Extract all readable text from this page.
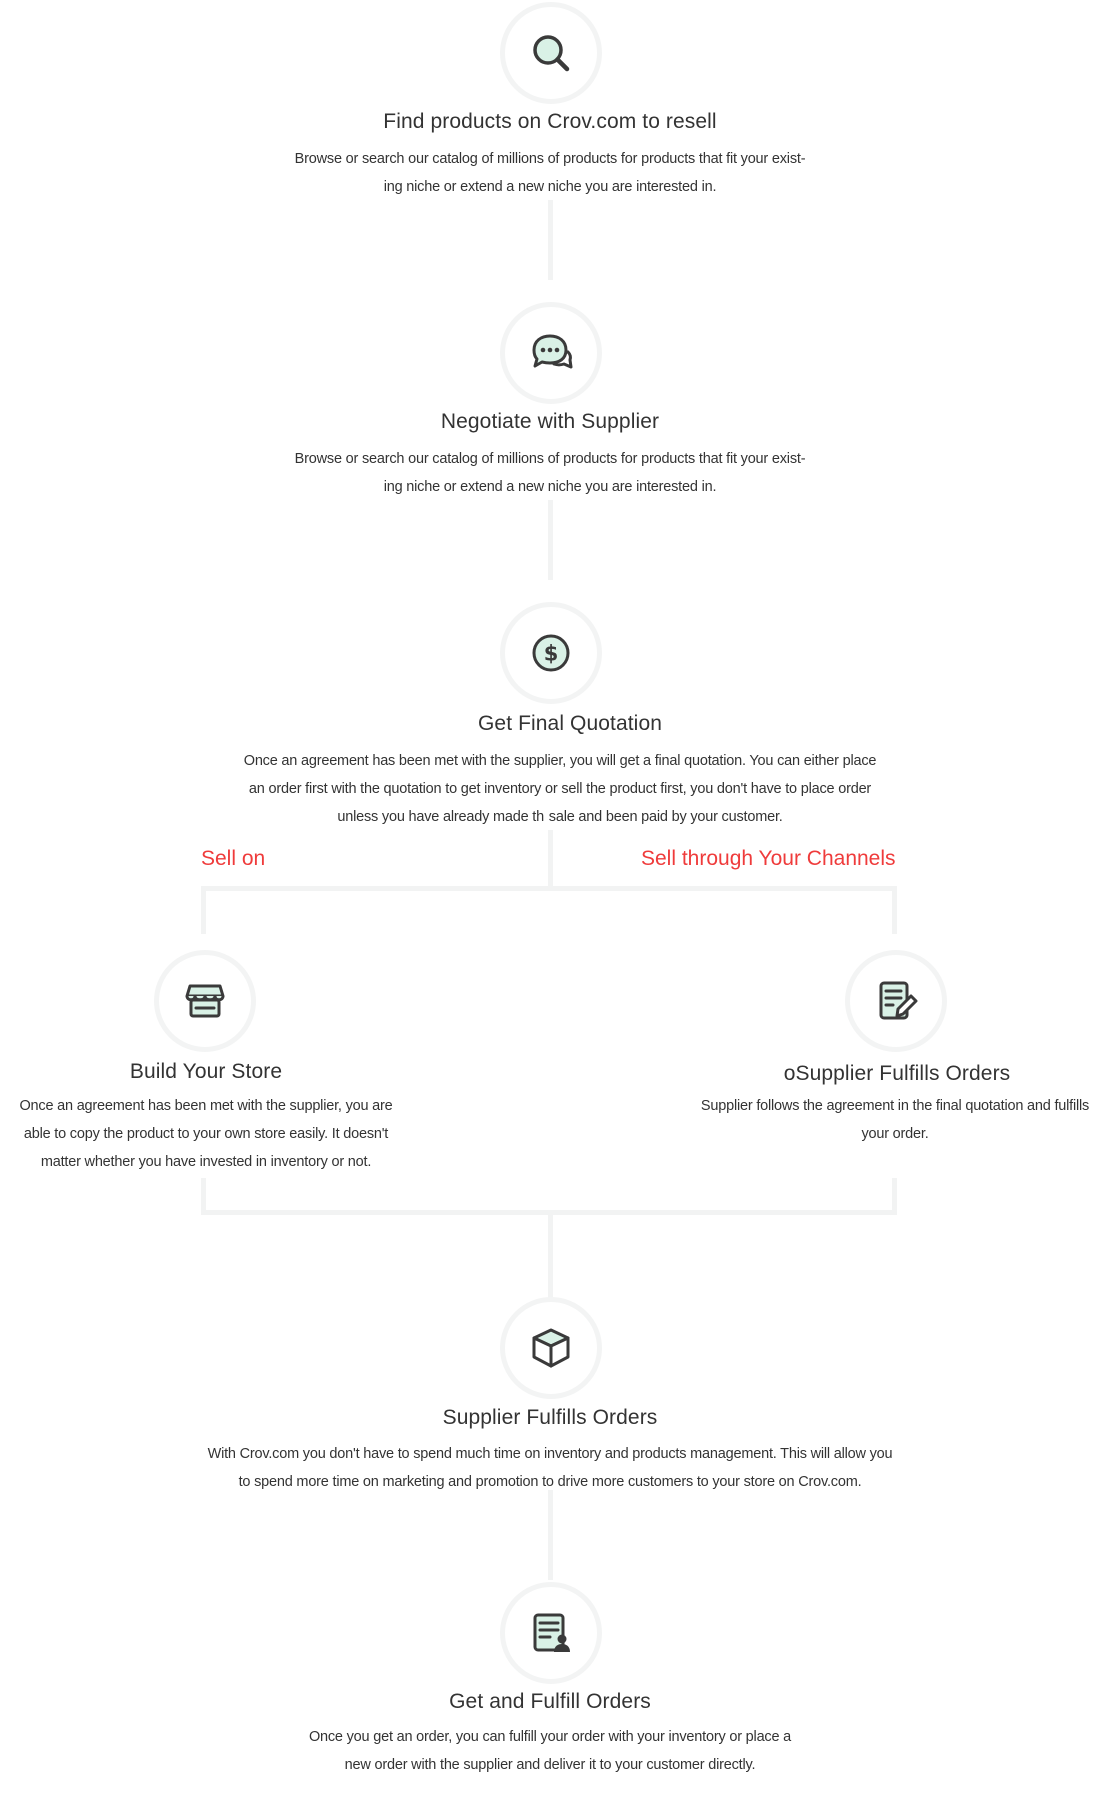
Find products on Crov.com to resell
Browse or search our catalog of millions of products for products that fit your exist-
ing niche or extend a new niche you are interested in.
Negotiate with Supplier
Browse or search our catalog of millions of products for products that fit your exist-
ing niche or extend a new niche you are interested in.
$
Get Final Quotation
Once an agreement has been met with the supplier, you will get a final quotation. You can either place
an order first with the quotation to get inventory or sell the product first, you don't have to place order
unless you have already made th  sale and been paid by your customer.
Sell on	Sell through Your Channels
Build Your Store
Once an agreement has been met with the supplier, you are
able to copy the product to your own store easily. It doesn't
matter whether you have invested in inventory or not.
oSupplier Fulfills Orders
Supplier follows the agreement in the final quotation and fulfills
your order.
Supplier Fulfills Orders
With Crov.com you don't have to spend much time on inventory and products management. This will allow you
to spend more time on marketing and promotion to drive more customers to your store on Crov.com.
Get and Fulfill Orders
Once you get an order, you can fulfill your order with your inventory or place a
new order with the supplier and deliver it to your customer directly.
